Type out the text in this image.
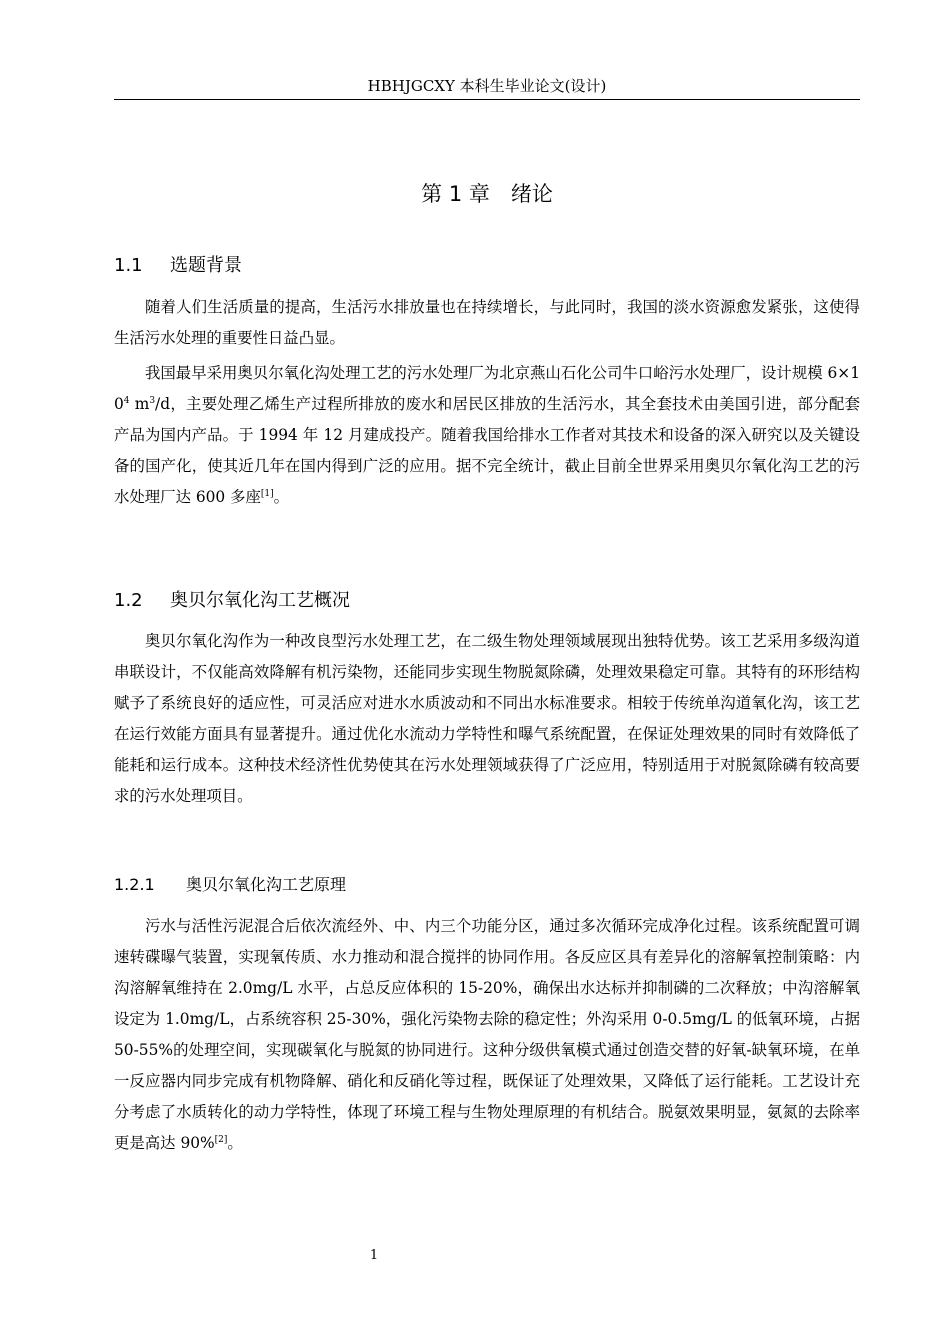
HBHJGCXY 本科生毕业论文(设计)
第 1 章　绪论
1.1 选题背景

随着人们生活质量的提高，生活污水排放量也在持续增长，与此同时，我国的淡水资源愈发紧张，这使得生活污水处理的重要性日益凸显。

我国最早采用奥贝尔氧化沟处理工艺的污水处理厂为北京燕山石化公司牛口峪污水处理厂，设计规模 $6\times 10^4$ $m^3/d$，主要处理乙烯生产过程所排放的废水和居民区排放的生活污水，其全套技术由美国引进，部分配套产品为国内产品。于 1994 年 12 月建成投产。随着我国给排水工作者对其技术和设备的深入研究以及关键设备的国产化，使其近几年在国内得到广泛的应用。据不完全统计，截止目前全世界采用奥贝尔氧化沟工艺的污水处理厂达 600 多座[1]。

1.2 奥贝尔氧化沟工艺概况

奥贝尔氧化沟作为一种改良型污水处理工艺，在二级生物处理领域展现出独特优势。该工艺采用多级沟道串联设计，不仅能高效降解有机污染物，还能同步实现生物脱氮除磷，处理效果稳定可靠。其特有的环形结构赋予了系统良好的适应性，可灵活应对进水水质波动和不同出水标准要求。相较于传统单沟道氧化沟，该工艺在运行效能方面具有显著提升。通过优化水流动力学特性和曝气系统配置，在保证处理效果的同时有效降低了能耗和运行成本。这种技术经济性优势使其在污水处理领域获得了广泛应用，特别适用于对脱氮除磷有较高要求的污水处理项目。

1.2.1 奥贝尔氧化沟工艺原理

污水与活性污泥混合后依次流经外、中、内三个功能分区，通过多次循环完成净化过程。该系统配置可调速转碟曝气装置，实现氧传质、水力推动和混合搅拌的协同作用。各反应区具有差异化的溶解氧控制策略：内沟溶解氧维持在 2.0mg/L 水平，占总反应体积的 15-20%，确保出水达标并抑制磷的二次释放；中沟溶解氧设定为 1.0mg/L，占系统容积 25-30%，强化污染物去除的稳定性；外沟采用 0-0.5mg/L 的低氧环境，占据 50-55%的处理空间，实现碳氧化与脱氮的协同进行。这种分级供氧模式通过创造交替的好氧-缺氧环境，在单一反应器内同步完成有机物降解、硝化和反硝化等过程，既保证了处理效果，又降低了运行能耗。工艺设计充分考虑了水质转化的动力学特性，体现了环境工程与生物处理原理的有机结合。脱氨效果明显，氨氮的去除率更是高达 90%[2]。

1
